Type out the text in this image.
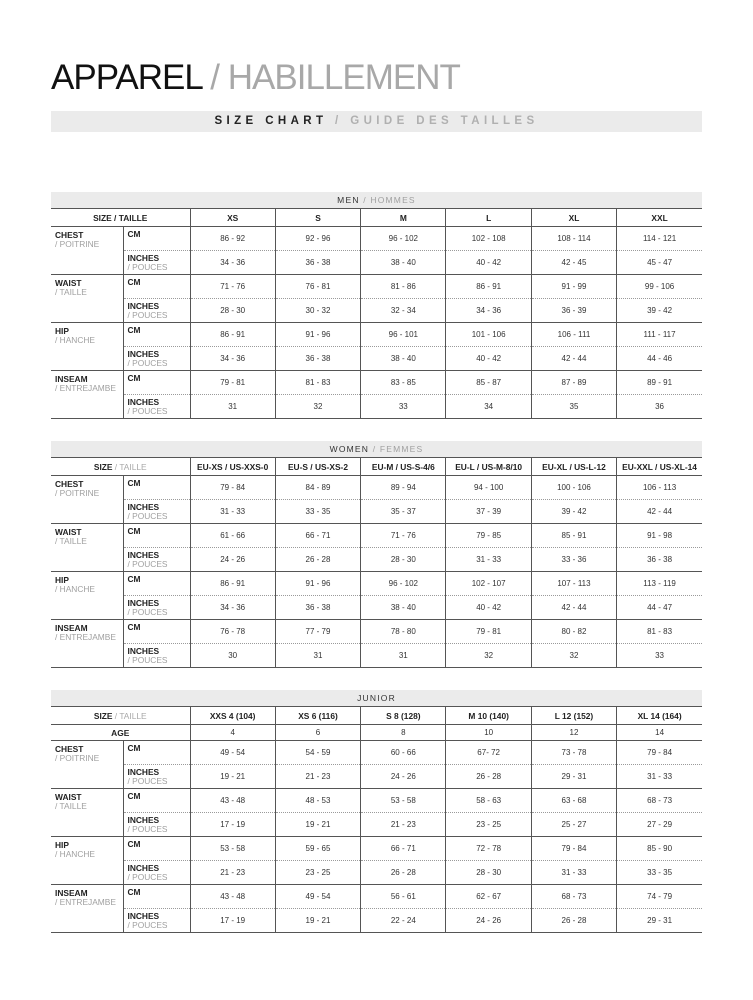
APPAREL / HABILLEMENT
SIZE CHART / GUIDE DES TAILLES
MEN / HOMMES							
SIZE / TAILLE		XS	S	M	L	XL	XXL

CHEST
/ POITRINE	CM	86 - 92	92 - 96	96 - 102	102 - 108	108 - 114	114 - 121

	INCHES
/ POUCES	34 - 36	36 - 38	38 - 40	40 - 42	42 - 45	45 - 47

WAIST
/ TAILLE	CM	71 - 76	76 - 81	81 - 86	86 - 91	91 - 99	99 - 106

	INCHES
/ POUCES	28 - 30	30 - 32	32 - 34	34 - 36	36 - 39	39 - 42

HIP
/ HANCHE	CM	86 - 91	91 - 96	96 - 101	101 - 106	106 - 111	111 - 117

	INCHES
/ POUCES	34 - 36	36 - 38	38 - 40	40 - 42	42 - 44	44 - 46

INSEAM
/ ENTREJAMBE	CM	79 - 81	81 - 83	83 - 85	85 - 87	87 - 89	89 - 91

	INCHES
/ POUCES	31	32	33	34	35	36
WOMEN / FEMMES							
SIZE / TAILLE		EU-XS / US-XXS-0	EU-S / US-XS-2	EU-M / US-S-4/6	EU-L / US-M-8/10	EU-XL / US-L-12	EU-XXL / US-XL-14

CHEST
/ POITRINE	CM	79 - 84	84 - 89	89 - 94	94 - 100	100 - 106	106 - 113

	INCHES
/ POUCES	31 - 33	33 - 35	35 - 37	37 - 39	39 - 42	42 - 44

WAIST
/ TAILLE	CM	61 - 66	66 - 71	71 - 76	79 - 85	85 - 91	91 - 98

	INCHES
/ POUCES	24 - 26	26 - 28	28 - 30	31 - 33	33 - 36	36 - 38

HIP
/ HANCHE	CM	86 - 91	91 - 96	96 - 102	102 - 107	107 - 113	113 - 119

	INCHES
/ POUCES	34 - 36	36 - 38	38 - 40	40 - 42	42 - 44	44 - 47

INSEAM
/ ENTREJAMBE	CM	76 - 78	77 - 79	78 - 80	79 - 81	80 - 82	81 - 83

	INCHES
/ POUCES	30	31	31	32	32	33
JUNIOR							
SIZE / TAILLE		XXS 4 (104)	XS 6 (116)	S 8 (128)	M 10 (140)	L 12 (152)	XL 14 (164)
AGE		4	6	8	10	12	14

CHEST
/ POITRINE	CM	49 - 54	54 - 59	60 - 66	67- 72	73 - 78	79 - 84

	INCHES
/ POUCES	19 - 21	21 - 23	24 - 26	26 - 28	29 - 31	31 - 33

WAIST
/ TAILLE	CM	43 - 48	48 - 53	53 - 58	58 - 63	63 - 68	68 - 73

	INCHES
/ POUCES	17 - 19	19 - 21	21 - 23	23 - 25	25 - 27	27 - 29

HIP
/ HANCHE	CM	53 - 58	59 - 65	66 - 71	72 - 78	79 - 84	85 - 90

	INCHES
/ POUCES	21 - 23	23 - 25	26 - 28	28 - 30	31 - 33	33 - 35

INSEAM
/ ENTREJAMBE	CM	43 - 48	49 - 54	56 - 61	62 - 67	68 - 73	74 - 79

	INCHES
/ POUCES	17 - 19	19 - 21	22 - 24	24 - 26	26 - 28	29 - 31
